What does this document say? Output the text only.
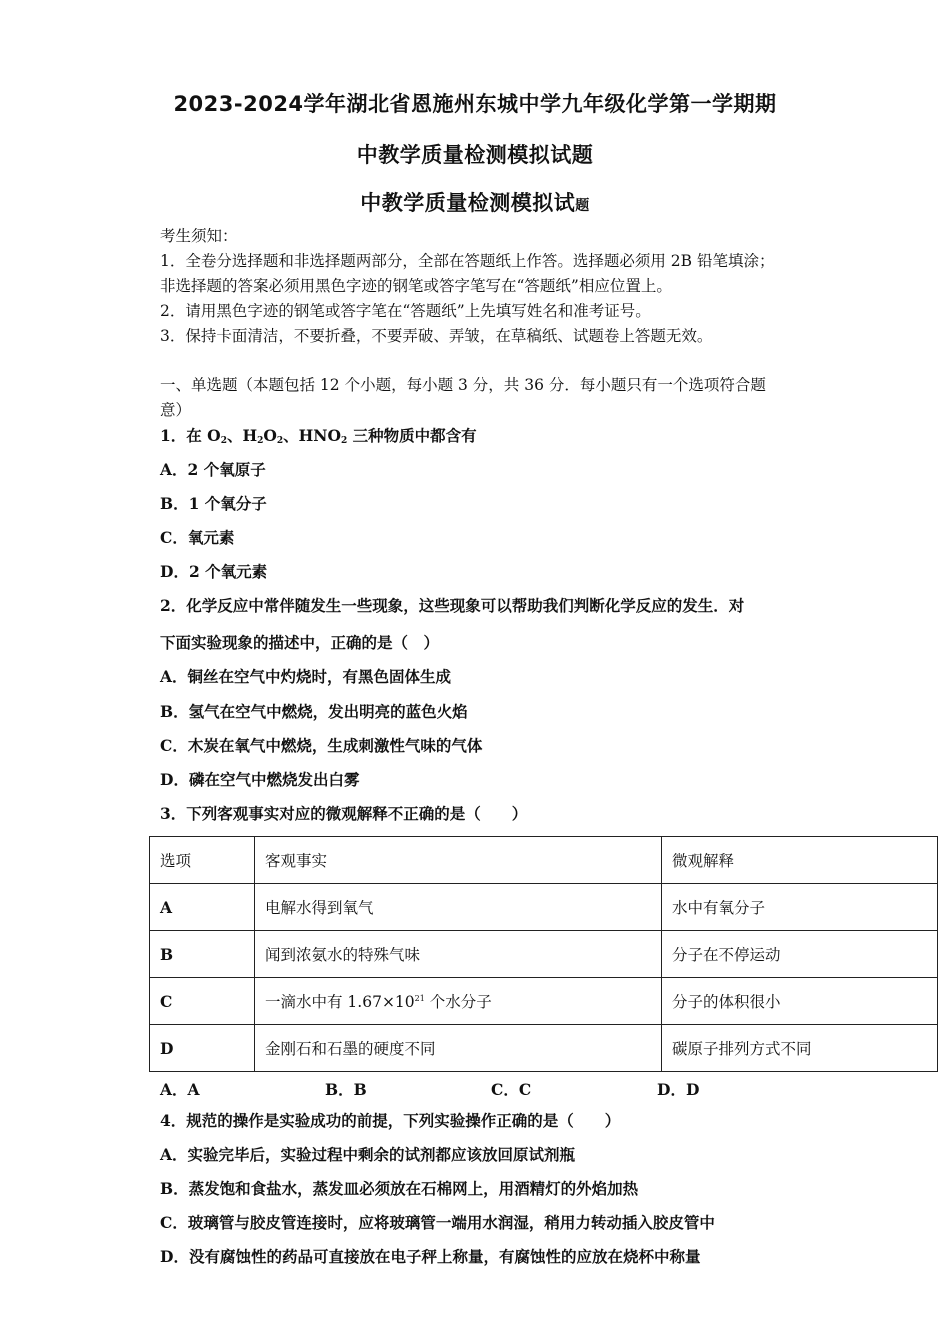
2023-2024学年湖北省恩施州东城中学九年级化学第一学期期
中教学质量检测模拟试题
中教学质量检测模拟试题
考生须知：
1．全卷分选择题和非选择题两部分，全部在答题纸上作答。选择题必须用 2B 铅笔填涂；
非选择题的答案必须用黑色字迹的钢笔或答字笔写在“答题纸”相应位置上。
2．请用黑色字迹的钢笔或答字笔在“答题纸”上先填写姓名和准考证号。
3．保持卡面清洁，不要折叠，不要弄破、弄皱，在草稿纸、试题卷上答题无效。
一、单选题（本题包括 12 个小题，每小题 3 分，共 36 分．每小题只有一个选项符合题
意）
1．在 $O_2$、$H_2O_2$、$HNO_2$ 三种物质中都含有
A．2 个氧原子
B．1 个氧分子
C．氧元素
D．2 个氧元素
2．化学反应中常伴随发生一些现象，这些现象可以帮助我们判断化学反应的发生．对
下面实验现象的描述中，正确的是（　）
A．铜丝在空气中灼烧时，有黑色固体生成
B．氢气在空气中燃烧，发出明亮的蓝色火焰
C．木炭在氧气中燃烧，生成刺激性气味的气体
D．磷在空气中燃烧发出白雾
3．下列客观事实对应的微观解释不正确的是（　　）
选项	客观事实	微观解释
A	电解水得到氧气	水中有氧分子
B	闻到浓氨水的特殊气味	分子在不停运动
C	一滴水中有 $1.67\times 10^{21}$ 个水分子	分子的体积很小
D	金刚石和石墨的硬度不同	碳原子排列方式不同
A．A	B．B	C．C	D．D
4．规范的操作是实验成功的前提，下列实验操作正确的是（　　）
A．实验完毕后，实验过程中剩余的试剂都应该放回原试剂瓶
B．蒸发饱和食盐水，蒸发皿必须放在石棉网上，用酒精灯的外焰加热
C．玻璃管与胶皮管连接时，应将玻璃管一端用水润湿，稍用力转动插入胶皮管中
D．没有腐蚀性的药品可直接放在电子秤上称量，有腐蚀性的应放在烧杯中称量
